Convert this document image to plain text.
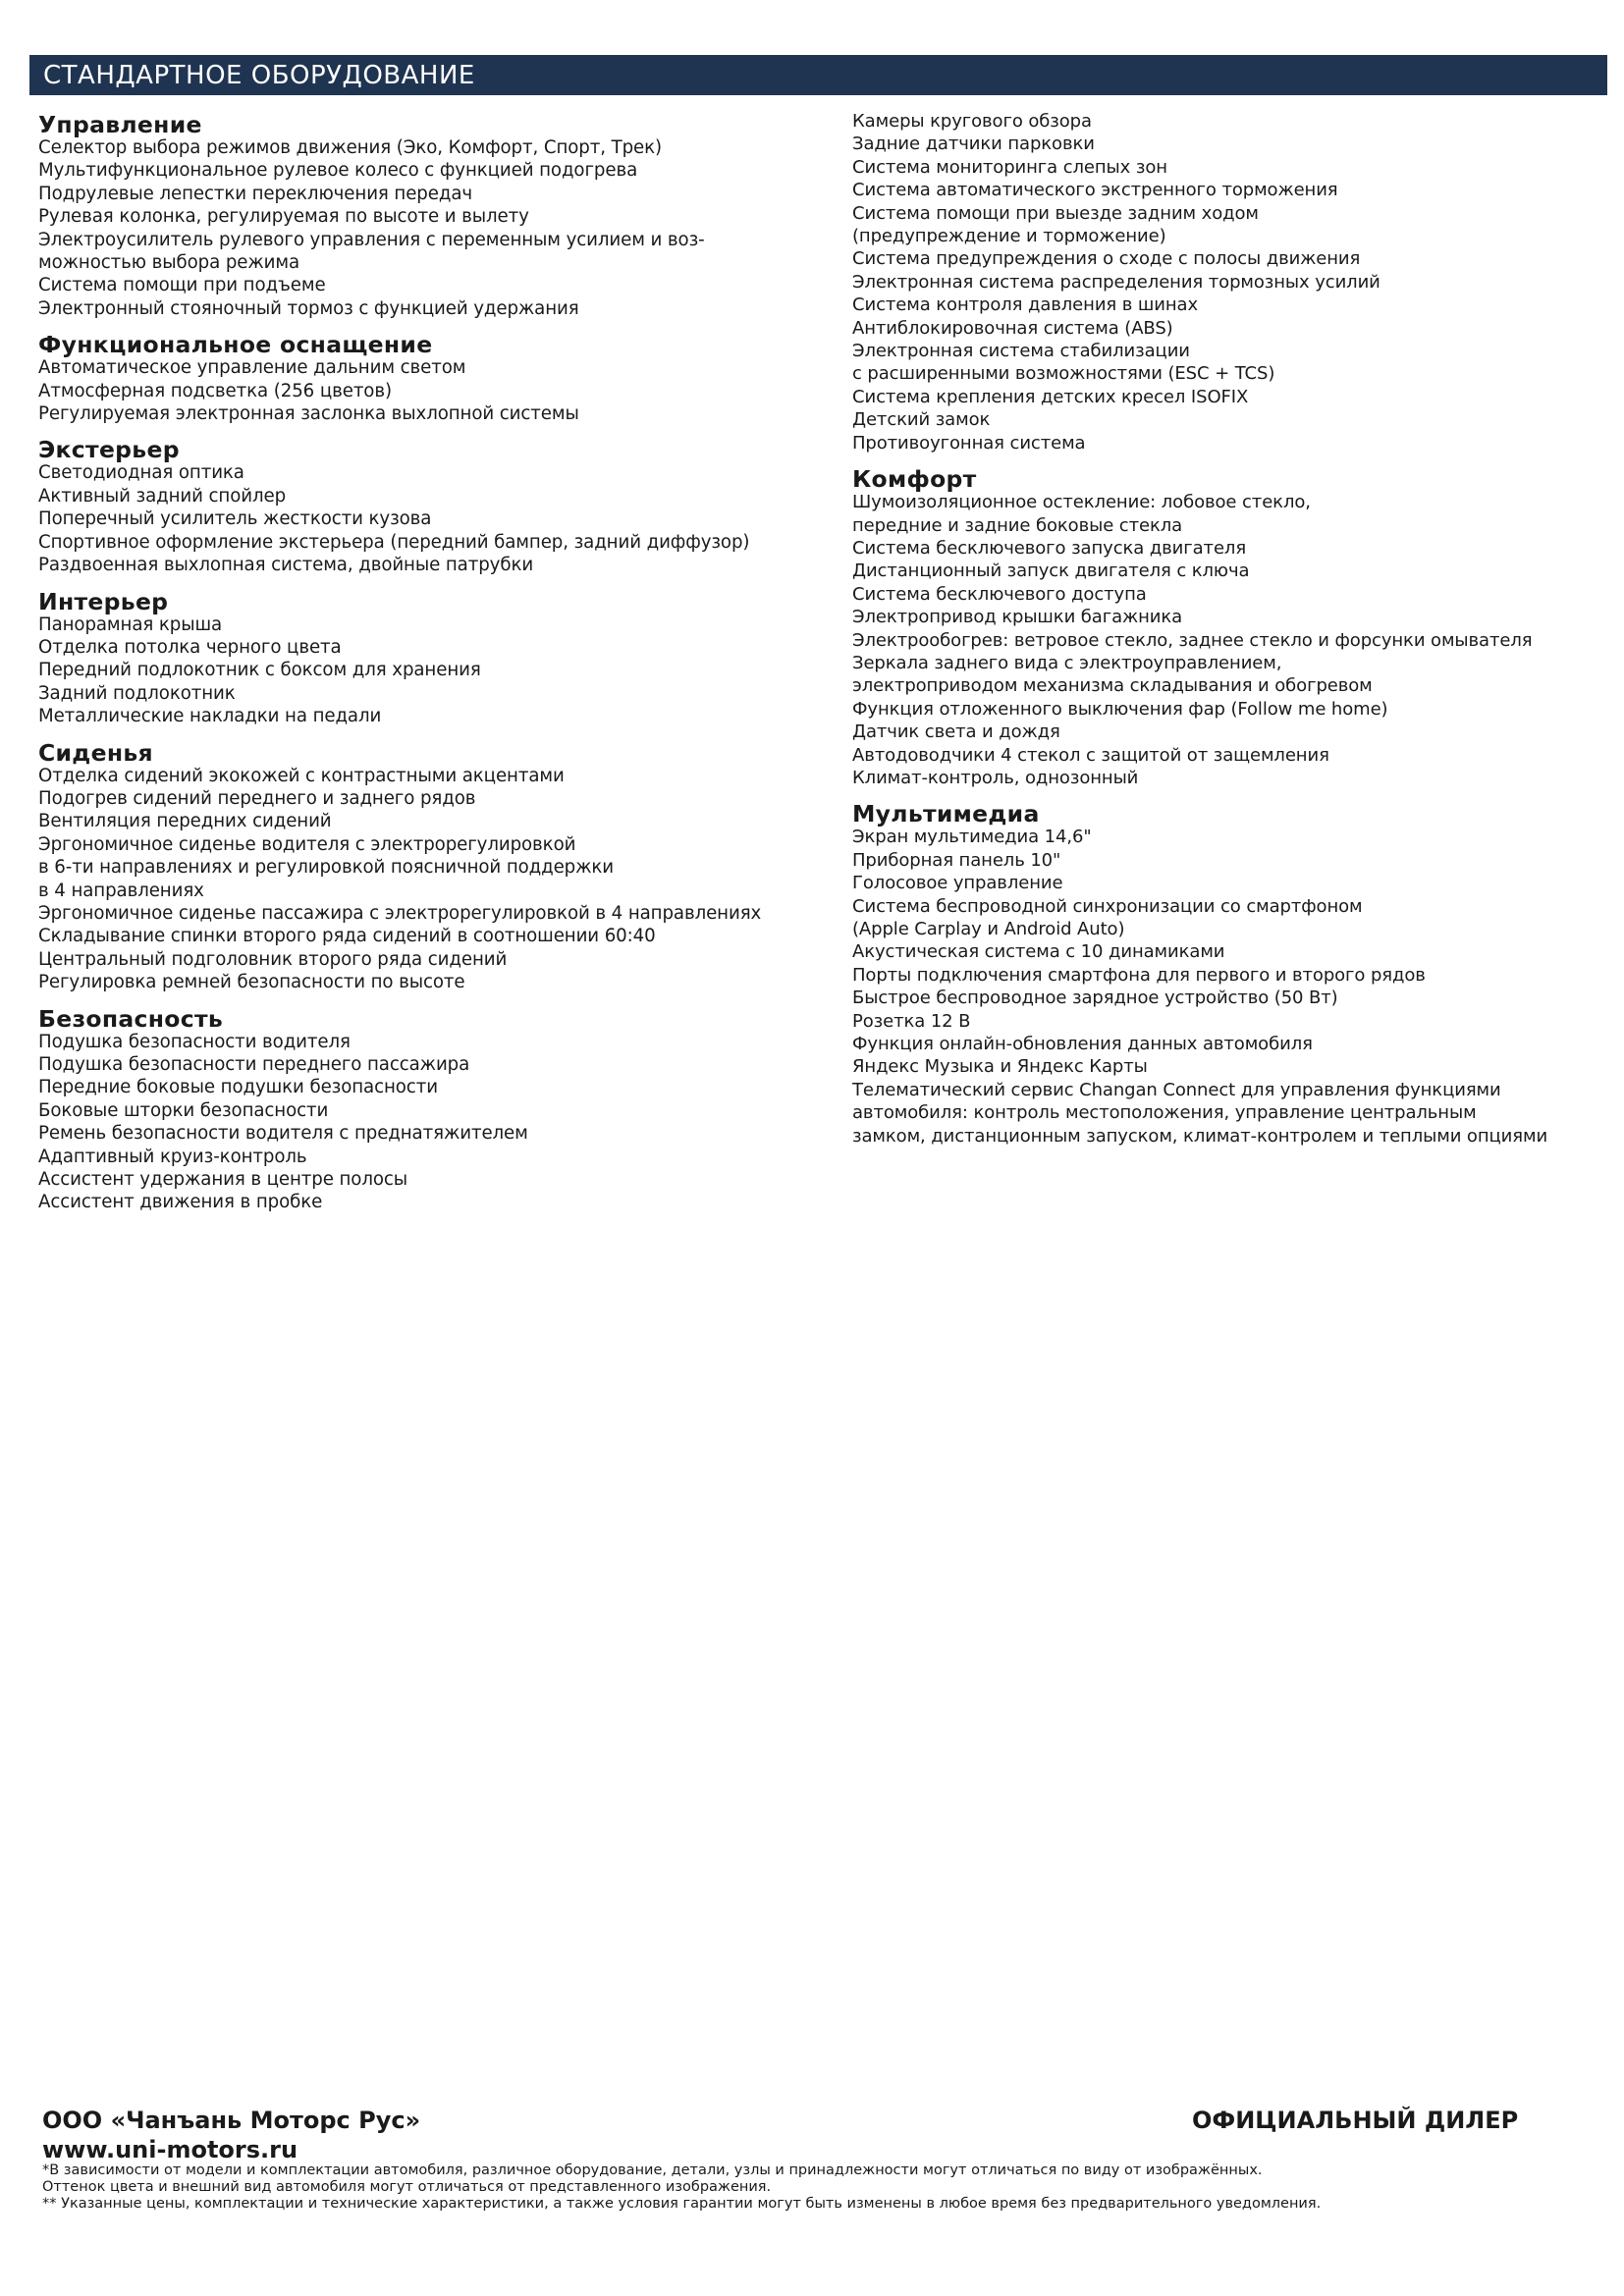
СТАНДАРТНОЕ ОБОРУДОВАНИЕ
Управление
Селектор выбора режимов движения (Эко, Комфорт, Спорт, Трек)
Мультифункциональное рулевое колесо с функцией подогрева
Подрулевые лепестки переключения передач
Рулевая колонка, регулируемая по высоте и вылету
Электроусилитель рулевого управления с переменным усилием и воз-
можностью выбора режима
Система помощи при подъеме
Электронный стояночный тормоз с функцией удержания
Функциональное оснащение
Автоматическое управление дальним светом
Атмосферная подсветка (256 цветов)
Регулируемая электронная заслонка выхлопной системы
Экстерьер
Светодиодная оптика
Активный задний спойлер
Поперечный усилитель жесткости кузова
Спортивное оформление экстерьера (передний бампер, задний диффузор)
Раздвоенная выхлопная система, двойные патрубки
Интерьер
Панорамная крыша
Отделка потолка черного цвета
Передний подлокотник с боксом для хранения
Задний подлокотник
Металлические накладки на педали
Сиденья
Отделка сидений экокожей с контрастными акцентами
Подогрев сидений переднего и заднего рядов
Вентиляция передних сидений
Эргономичное сиденье водителя с электрорегулировкой
в 6-ти направлениях и регулировкой поясничной поддержки
в 4 направлениях
Эргономичное сиденье пассажира с электрорегулировкой в 4 направлениях
Складывание спинки второго ряда сидений в соотношении 60:40
Центральный подголовник второго ряда сидений
Регулировка ремней безопасности по высоте
Безопасность
Подушка безопасности водителя
Подушка безопасности переднего пассажира
Передние боковые подушки безопасности
Боковые шторки безопасности
Ремень безопасности водителя с преднатяжителем
Адаптивный круиз-контроль
Ассистент удержания в центре полосы
Ассистент движения в пробке
Камеры кругового обзора
Задние датчики парковки
Система мониторинга слепых зон
Система автоматического экстренного торможения
Система помощи при выезде задним ходом
(предупреждение и торможение)
Система предупреждения о сходе с полосы движения
Электронная система распределения тормозных усилий
Система контроля давления в шинах
Антиблокировочная система (ABS)
Электронная система стабилизации
с расширенными возможностями (ESC + TCS)
Система крепления детских кресел ISOFIX
Детский замок
Противоугонная система
Комфорт
Шумоизоляционное остекление: лобовое стекло,
передние и задние боковые стекла
Система бесключевого запуска двигателя
Дистанционный запуск двигателя с ключа
Система бесключевого доступа
Электропривод крышки багажника
Электрообогрев: ветровое стекло, заднее стекло и форсунки омывателя
Зеркала заднего вида с электроуправлением,
электроприводом механизма складывания и обогревом
Функция отложенного выключения фар (Follow me home)
Датчик света и дождя
Автодоводчики 4 стекол с защитой от защемления
Климат-контроль, однозонный
Мультимедиа
Экран мультимедиа 14,6"
Приборная панель 10"
Голосовое управление
Система беспроводной синхронизации со смартфоном
(Apple Carplay и Android Auto)
Акустическая система с 10 динамиками
Порты подключения смартфона для первого и второго рядов
Быстрое беспроводное зарядное устройство (50 Вт)
Розетка 12 В
Функция онлайн-обновления данных автомобиля
Яндекс Музыка и Яндекс Карты
Телематический сервис Changan Connect для управления функциями
автомобиля: контроль местоположения, управление центральным
замком, дистанционным запуском, климат-контролем и теплыми опциями
ООО «Чанъань Моторс Рус»	ОФИЦИАЛЬНЫЙ ДИЛЕР
www.uni-motors.ru
*В зависимости от модели и комплектации автомобиля, различное оборудование, детали, узлы и принадлежности могут отличаться по виду от изображённых.
Оттенок цвета и внешний вид автомобиля могут отличаться от представленного изображения.
** Указанные цены, комплектации и технические характеристики, а также условия гарантии могут быть изменены в любое время без предварительного уведомления.
